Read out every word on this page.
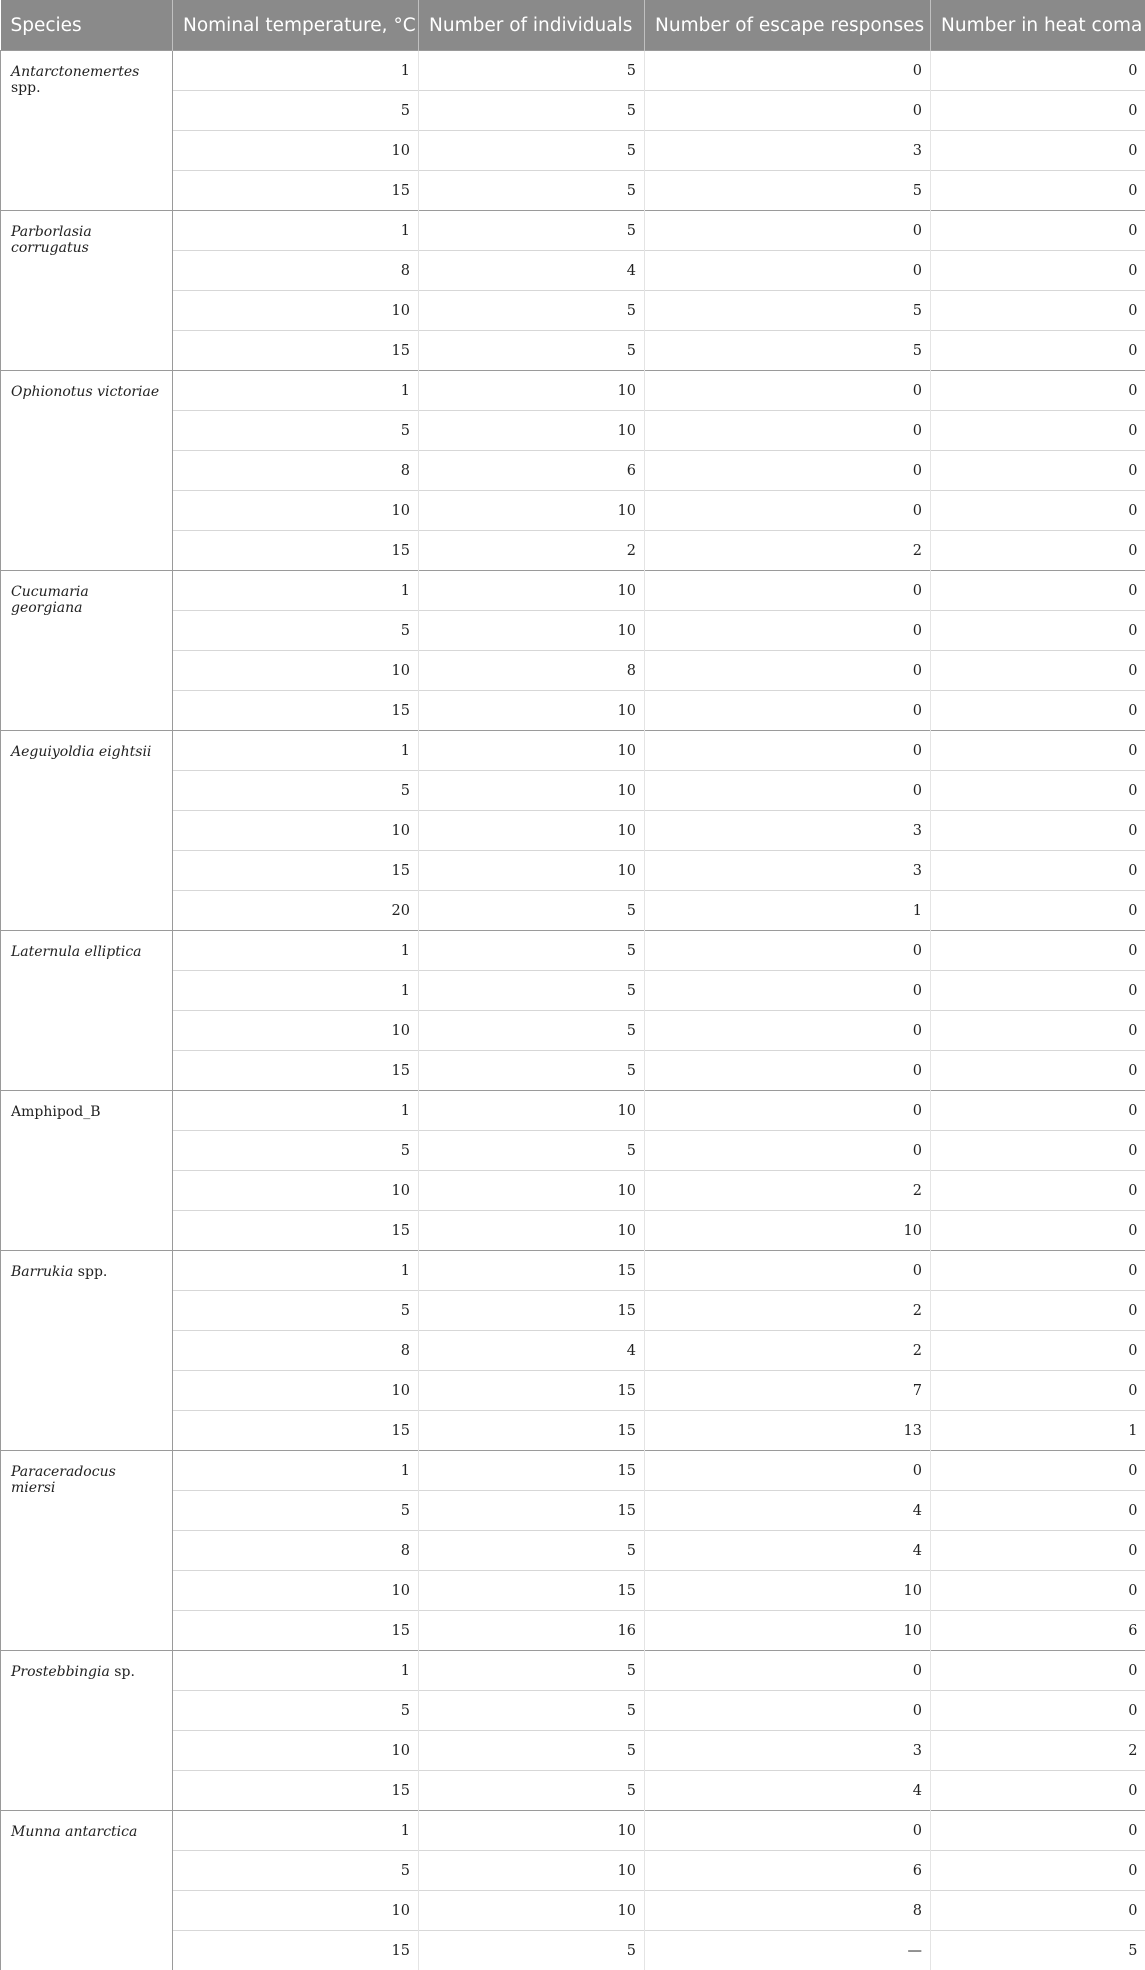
Species	Nominal temperature, °C	Number of individuals	Number of escape responses	Number in heat coma
Antarctonemertes spp.	1	5	0	0
	5	5	0	0
	10	5	3	0
	15	5	5	0
Parborlasia corrugatus	1	5	0	0
	8	4	0	0
	10	5	5	0
	15	5	5	0
Ophionotus victoriae	1	10	0	0
	5	10	0	0
	8	6	0	0
	10	10	0	0
	15	2	2	0
Cucumaria georgiana	1	10	0	0
	5	10	0	0
	10	8	0	0
	15	10	0	0
Aeguiyoldia eightsii	1	10	0	0
	5	10	0	0
	10	10	3	0
	15	10	3	0
	20	5	1	0
Laternula elliptica	1	5	0	0
	1	5	0	0
	10	5	0	0
	15	5	0	0
Amphipod_B	1	10	0	0
	5	5	0	0
	10	10	2	0
	15	10	10	0
Barrukia spp.	1	15	0	0
	5	15	2	0
	8	4	2	0
	10	15	7	0
	15	15	13	1
Paraceradocus miersi	1	15	0	0
	5	15	4	0
	8	5	4	0
	10	15	10	0
	15	16	10	6
Prostebbingia sp.	1	5	0	0
	5	5	0	0
	10	5	3	2
	15	5	4	0
Munna antarctica	1	10	0	0
	5	10	6	0
	10	10	8	0
	15	5	—	5
